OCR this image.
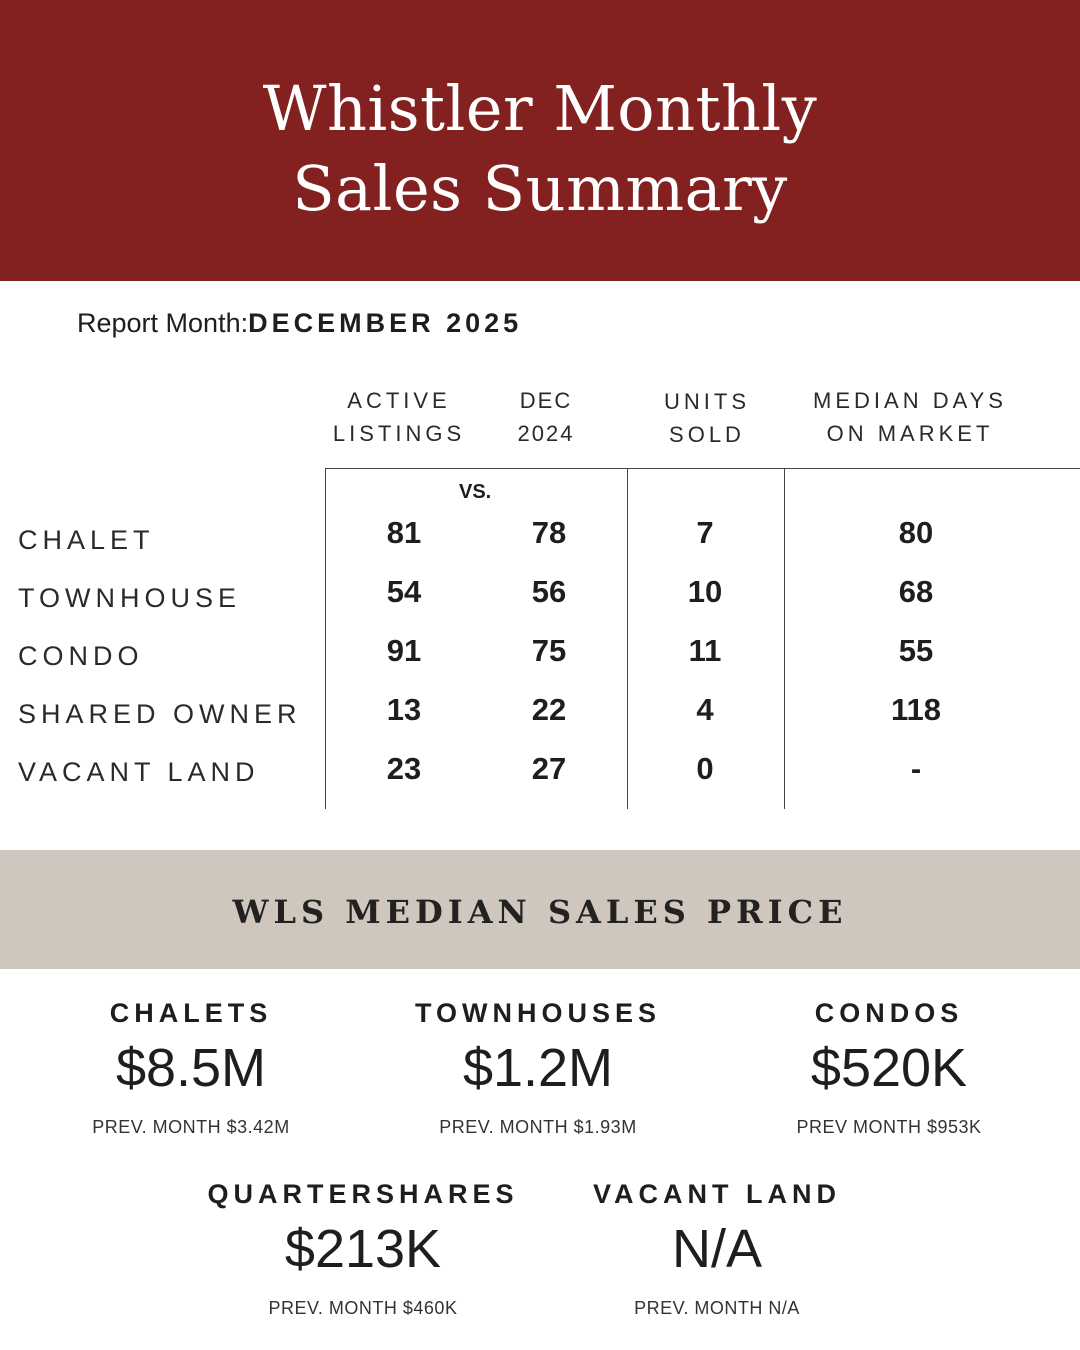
Whistler Monthly
Sales Summary
Report Month:DECEMBER 2025
ACTIVE
LISTINGS
DEC
2024
UNITS
SOLD
MEDIAN DAYS
ON MARKET
VS.
CHALET	81	78	7	80
TOWNHOUSE	54	56	10	68
CONDO	91	75	11	55
SHARED OWNER	13	22	4	118
VACANT LAND	23	27	0	-
WLS MEDIAN SALES PRICE
CHALETS
$8.5M
PREV. MONTH $3.42M
TOWNHOUSES
$1.2M
PREV. MONTH $1.93M
CONDOS
$520K
PREV MONTH $953K
QUARTERSHARES
$213K
PREV. MONTH $460K
VACANT LAND
N/A
PREV. MONTH N/A
